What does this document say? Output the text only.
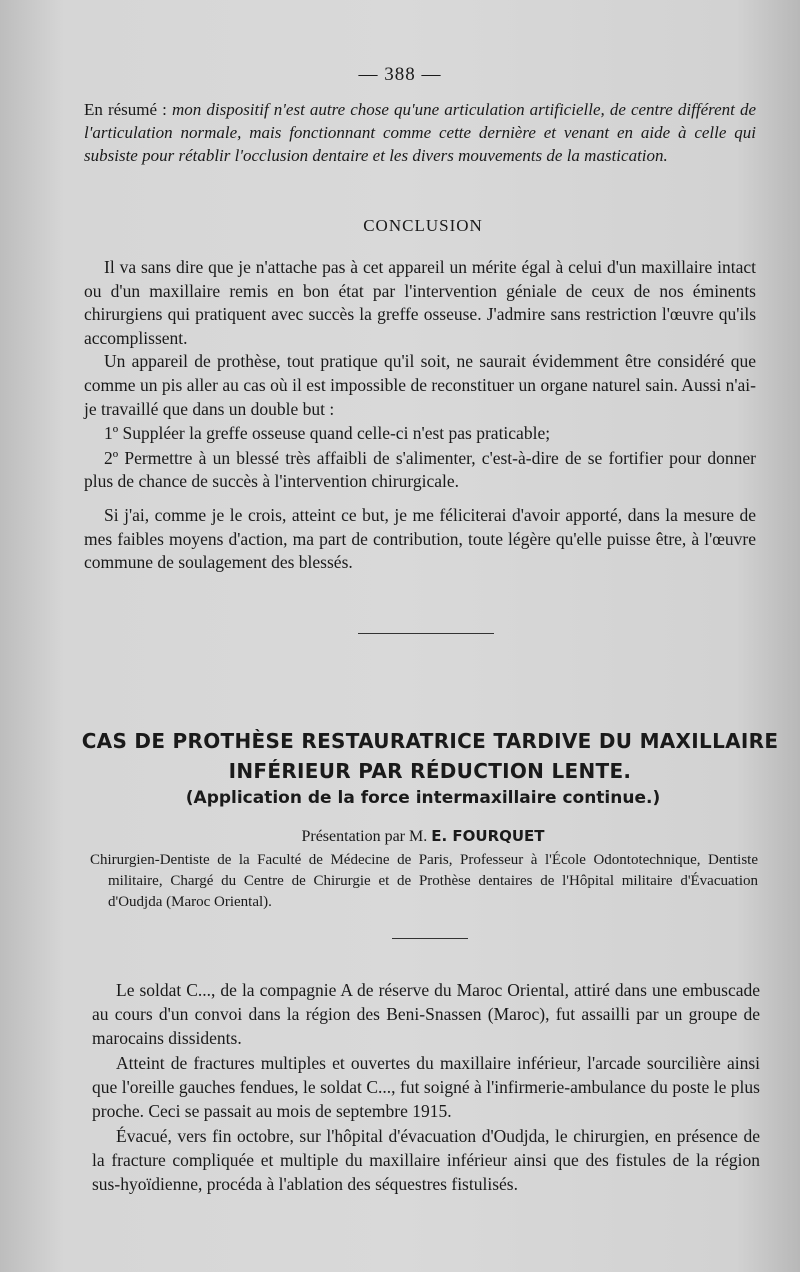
— 388 —

En résumé : mon dispositif n'est autre chose qu'une articulation artificielle, de centre différent de l'articulation normale, mais fonctionnant comme cette dernière et venant en aide à celle qui subsiste pour rétablir l'occlusion dentaire et les divers mouvements de la mastication.

CONCLUSION

Il va sans dire que je n'attache pas à cet appareil un mérite égal à celui d'un maxillaire intact ou d'un maxillaire remis en bon état par l'intervention géniale de ceux de nos éminents chirurgiens qui pratiquent avec succès la greffe osseuse. J'admire sans restriction l'œuvre qu'ils accomplissent.

Un appareil de prothèse, tout pratique qu'il soit, ne saurait évidemment être considéré que comme un pis aller au cas où il est impossible de reconstituer un organe naturel sain. Aussi n'ai-je travaillé que dans un double but :

1º Suppléer la greffe osseuse quand celle-ci n'est pas praticable;

2º Permettre à un blessé très affaibli de s'alimenter, c'est-à-dire de se fortifier pour donner plus de chance de succès à l'intervention chirurgicale.

Si j'ai, comme je le crois, atteint ce but, je me féliciterai d'avoir apporté, dans la mesure de mes faibles moyens d'action, ma part de contribution, toute légère qu'elle puisse être, à l'œuvre commune de soulagement des blessés.

CAS DE PROTHÈSE RESTAURATRICE TARDIVE DU MAXILLAIRE
INFÉRIEUR PAR RÉDUCTION LENTE.
(Application de la force intermaxillaire continue.)
Présentation par M. E. FOURQUET
Chirurgien-Dentiste de la Faculté de Médecine de Paris, Professeur à l'École Odontotechnique, Dentiste militaire, Chargé du Centre de Chirurgie et de Prothèse dentaires de l'Hôpital militaire d'Évacuation d'Oudjda (Maroc Oriental).

Le soldat C..., de la compagnie A de réserve du Maroc Oriental, attiré dans une embuscade au cours d'un convoi dans la région des Beni-Snassen (Maroc), fut assailli par un groupe de marocains dissidents.

Atteint de fractures multiples et ouvertes du maxillaire inférieur, l'arcade sourcilière ainsi que l'oreille gauches fendues, le soldat C..., fut soigné à l'infirmerie-ambulance du poste le plus proche. Ceci se passait au mois de septembre 1915.

Évacué, vers fin octobre, sur l'hôpital d'évacuation d'Oudjda, le chirurgien, en présence de la fracture compliquée et multiple du maxillaire inférieur ainsi que des fistules de la région sus-hyoïdienne, procéda à l'ablation des séquestres fistulisés.
